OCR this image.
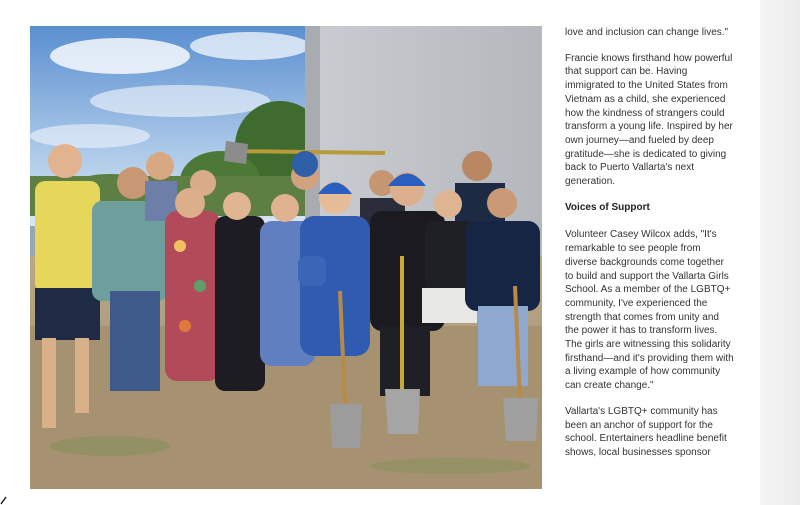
love and inclusion can change lives."

Francie knows firsthand how powerful that support can be. Having immigrated to the United States from Vietnam as a child, she experienced how the kindness of strangers could transform a young life. Inspired by her own journey—and fueled by deep gratitude—she is dedicated to giving back to Puerto Vallarta's next generation.

Voices of Support

Volunteer Casey Wilcox adds, "It's remarkable to see people from diverse backgrounds come together to build and support the Vallarta Girls School. As a member of the LGBTQ+ community, I've experienced the strength that comes from unity and the power it has to transform lives. The girls are witnessing this solidarity firsthand—and it's providing them with a living example of how community can create change."

Vallarta's LGBTQ+ community has been an anchor of support for the school. Entertainers headline benefit shows, local businesses sponsor
